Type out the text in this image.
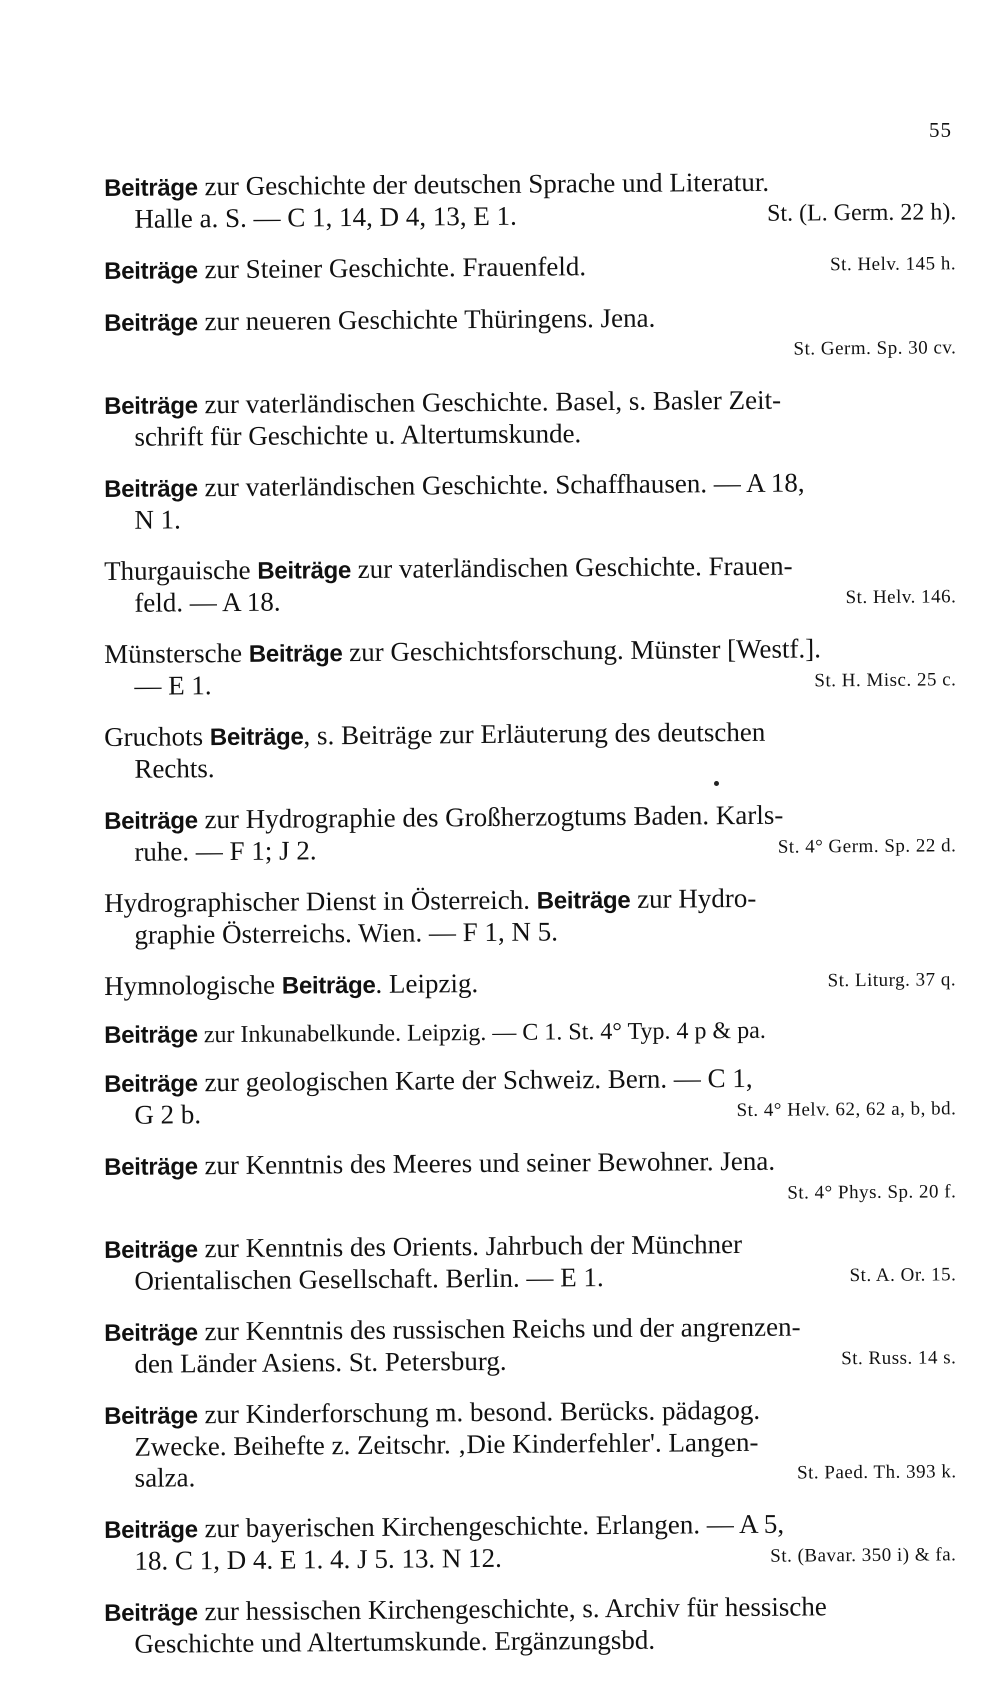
55
Beiträge zur Geschichte der deutschen Sprache und Literatur.
Halle a. S. — C 1, 14, D 4, 13, E 1.	St. (L. Germ. 22 h).
Beiträge zur Steiner Geschichte. Frauenfeld.	St. Helv. 145 h.
Beiträge zur neueren Geschichte Thüringens. Jena.
St. Germ. Sp. 30 cv.
Beiträge zur vaterländischen Geschichte. Basel, s. Basler Zeit-
schrift für Geschichte u. Altertumskunde.
Beiträge zur vaterländischen Geschichte. Schaffhausen. — A 18,
N 1.
Thurgauische Beiträge zur vaterländischen Geschichte. Frauen-
feld. — A 18.	St. Helv. 146.
Münstersche Beiträge zur Geschichtsforschung. Münster [Westf.].
— E 1.	St. H. Misc. 25 c.
Gruchots Beiträge, s. Beiträge zur Erläuterung des deutschen
Rechts.
Beiträge zur Hydrographie des Großherzogtums Baden. Karls-
ruhe. — F 1; J 2.	St. 4° Germ. Sp. 22 d.
Hydrographischer Dienst in Österreich. Beiträge zur Hydro-
graphie Österreichs. Wien. — F 1, N 5.
Hymnologische Beiträge. Leipzig.	St. Liturg. 37 q.
Beiträge zur Inkunabelkunde. Leipzig. — C 1. St. 4° Typ. 4 p & pa.
Beiträge zur geologischen Karte der Schweiz. Bern. — C 1,
G 2 b.	St. 4° Helv. 62, 62 a, b, bd.
Beiträge zur Kenntnis des Meeres und seiner Bewohner. Jena.
St. 4° Phys. Sp. 20 f.
Beiträge zur Kenntnis des Orients. Jahrbuch der Münchner
Orientalischen Gesellschaft. Berlin. — E 1.	St. A. Or. 15.
Beiträge zur Kenntnis des russischen Reichs und der angrenzen-
den Länder Asiens. St. Petersburg.	St. Russ. 14 s.
Beiträge zur Kinderforschung m. besond. Berücks. pädagog.
Zwecke. Beihefte z. Zeitschr. ‚Die Kinderfehler'. Langen-
salza.	St. Paed. Th. 393 k.
Beiträge zur bayerischen Kirchengeschichte. Erlangen. — A 5,
18. C 1, D 4. E 1. 4. J 5. 13. N 12.	St. (Bavar. 350 i) & fa.
Beiträge zur hessischen Kirchengeschichte, s. Archiv für hessische
Geschichte und Altertumskunde. Ergänzungsbd.
